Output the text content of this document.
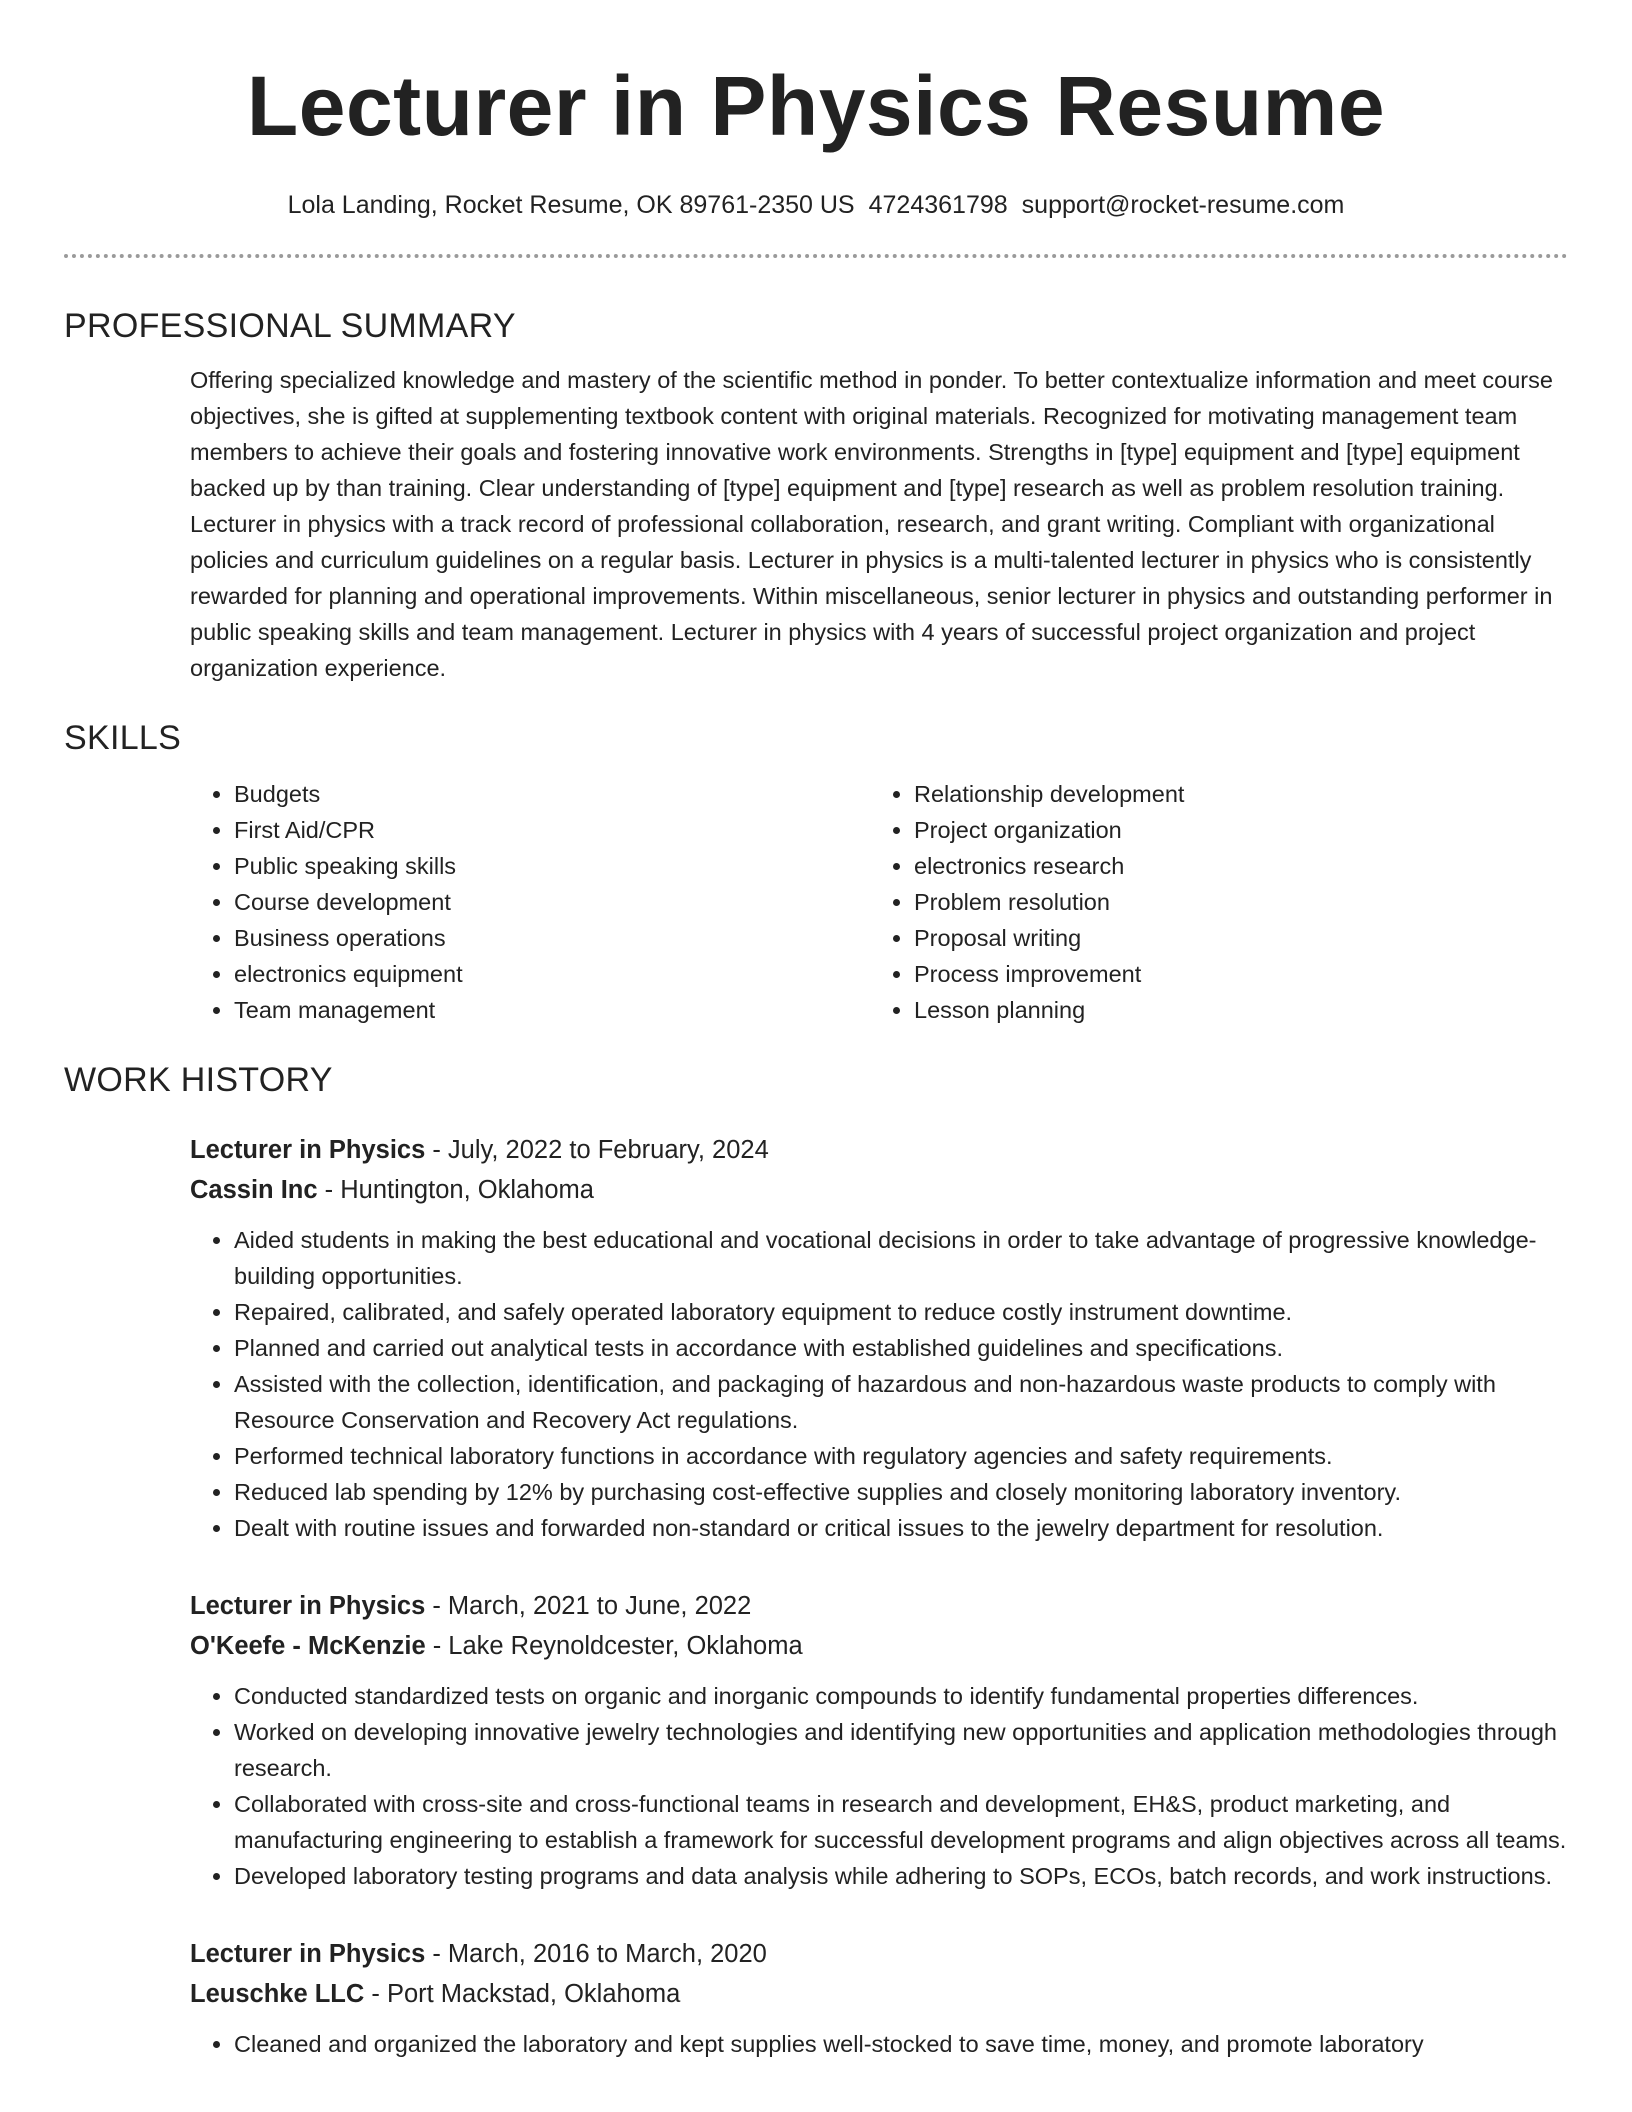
Lecturer in Physics Resume
Lola Landing, Rocket Resume, OK 89761-2350 US 4724361798 support@rocket-resume.com
PROFESSIONAL SUMMARY

Offering specialized knowledge and mastery of the scientific method in ponder. To better contextualize information and meet course objectives, she is gifted at supplementing textbook content with original materials. Recognized for motivating management team members to achieve their goals and fostering innovative work environments. Strengths in [type] equipment and [type] equipment backed up by than training. Clear understanding of [type] equipment and [type] research as well as problem resolution training. Lecturer in physics with a track record of professional collaboration, research, and grant writing. Compliant with organizational policies and curriculum guidelines on a regular basis. Lecturer in physics is a multi-talented lecturer in physics who is consistently rewarded for planning and operational improvements. Within miscellaneous, senior lecturer in physics and outstanding performer in public speaking skills and team management. Lecturer in physics with 4 years of successful project organization and project organization experience.

SKILLS
• Budgets
• First Aid/CPR
• Public speaking skills
• Course development
• Business operations
• electronics equipment
• Team management
• Relationship development
• Project organization
• electronics research
• Problem resolution
• Proposal writing
• Process improvement
• Lesson planning
WORK HISTORY
Lecturer in Physics - July, 2022 to February, 2024
Cassin Inc - Huntington, Oklahoma
• Aided students in making the best educational and vocational decisions in order to take advantage of progressive knowledge-building opportunities.
• Repaired, calibrated, and safely operated laboratory equipment to reduce costly instrument downtime.
• Planned and carried out analytical tests in accordance with established guidelines and specifications.
• Assisted with the collection, identification, and packaging of hazardous and non-hazardous waste products to comply with Resource Conservation and Recovery Act regulations.
• Performed technical laboratory functions in accordance with regulatory agencies and safety requirements.
• Reduced lab spending by 12% by purchasing cost-effective supplies and closely monitoring laboratory inventory.
• Dealt with routine issues and forwarded non-standard or critical issues to the jewelry department for resolution.
Lecturer in Physics - March, 2021 to June, 2022
O'Keefe - McKenzie - Lake Reynoldcester, Oklahoma
• Conducted standardized tests on organic and inorganic compounds to identify fundamental properties differences.
• Worked on developing innovative jewelry technologies and identifying new opportunities and application methodologies through research.
• Collaborated with cross-site and cross-functional teams in research and development, EH&S, product marketing, and manufacturing engineering to establish a framework for successful development programs and align objectives across all teams.
• Developed laboratory testing programs and data analysis while adhering to SOPs, ECOs, batch records, and work instructions.
Lecturer in Physics - March, 2016 to March, 2020
Leuschke LLC - Port Mackstad, Oklahoma
• Cleaned and organized the laboratory and kept supplies well-stocked to save time, money, and promote laboratory
